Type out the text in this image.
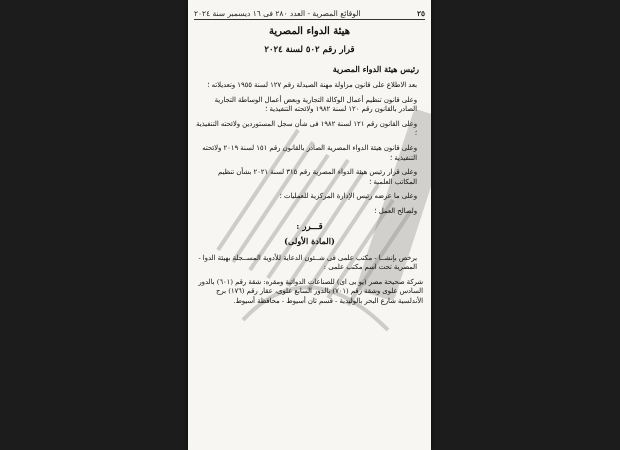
٢٥
الوقائع المصرية - العدد ٢٨٠ فى ١٦ ديسمبر سنة ٢٠٢٤
هيئة الدواء المصرية
قرار رقم ٥٠٢ لسنة ٢٠٢٤
رئيس هيئة الدواء المصرية

بعد الاطلاع على قانون مزاولة مهنة الصيدلة رقم ١٢٧ لسنة ١٩٥٥ وتعديلاته ؛

وعلى قانون تنظيم أعمال الوكالة التجارية وبعض أعمال الوساطة التجارية الصادر بالقانون رقم ١٢٠ لسنة ١٩٨٢ ولائحته التنفيذية ؛

وعلى القانون رقم ١٢١ لسنة ١٩٨٢ فى شأن سجل المستوردين ولائحته التنفيذية ؛

وعلى قانون هيئة الدواء المصرية الصادر بالقانون رقم ١٥١ لسنة ٢٠١٩ ولائحته التنفيذية ؛

وعلى قرار رئيس هيئة الدواء المصرية رقم ٣١٥ لسنة ٢٠٢١ بشأن تنظيم المكاتب العلمية ؛

وعلى ما عرضه رئيس الإدارة المركزية للعمليات ؛

ولصالح العمل ؛

قـــرر :
(المادة الأولى)

يرخص بإنشــا - مكتب علمى فى شــئون الدعاية للأدوية المســجلة بهيئة الدوا - المصرية تحت اسم مكتب علمى :

شركة صحيحة مصر (يو بى اى) للصناعات الدوائية ومقره: شقة رقم (٦٠١) بالدور السادس علوى وشقة رقم (٧٠١) بالدور السابع علوى، عقار رقم (١٧٦) برج الأندلسية شارع البحر بالوليدية - قسم ثان أسيوط - محافظة أسيوط.
